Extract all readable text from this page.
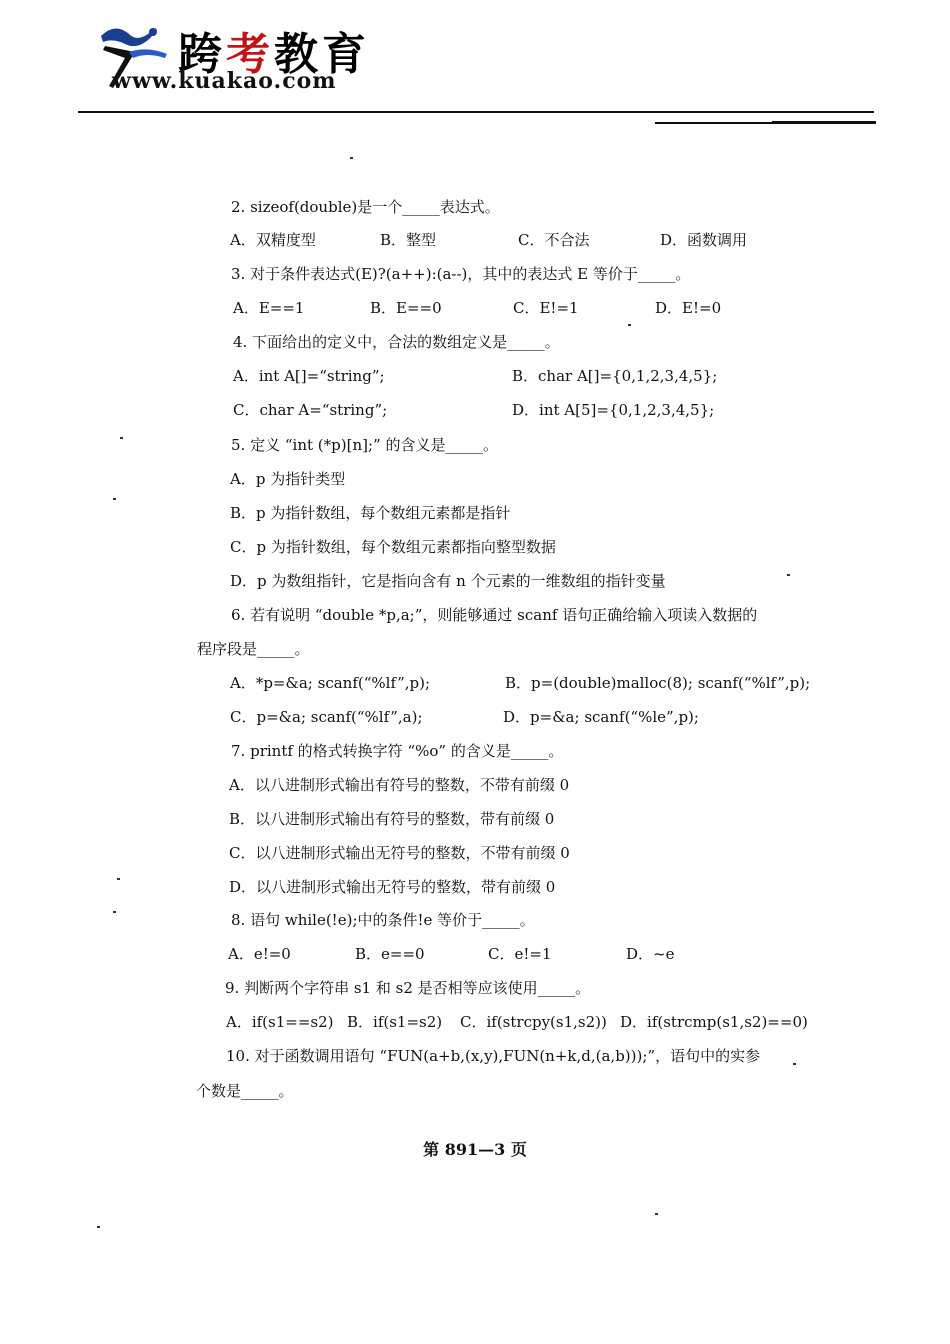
跨考教育
www.kuakao.com
2. sizeof(double)是一个_____表达式。
A．双精度型	B．整型	C．不合法	D．函数调用
3. 对于条件表达式(E)?(a++):(a--)，其中的表达式 E 等价于_____。
A．E==1	B．E==0	C．E!=1	D．E!=0
4. 下面给出的定义中，合法的数组定义是_____。
A．int A[]=“string”;	B．char A[]={0,1,2,3,4,5};
C．char A=“string”;	D．int A[5]={0,1,2,3,4,5};
5. 定义 “int (*p)[n];” 的含义是_____。
A．p 为指针类型
B．p 为指针数组，每个数组元素都是指针
C．p 为指针数组，每个数组元素都指向整型数据
D．p 为数组指针，它是指向含有 n 个元素的一维数组的指针变量
6. 若有说明 “double *p,a;”，则能够通过 scanf 语句正确给输入项读入数据的
程序段是_____。
A．*p=&a; scanf(“%lf”,p);	B．p=(double)malloc(8); scanf(“%lf”,p);
C．p=&a; scanf(“%lf”,a);	D．p=&a; scanf(“%le”,p);
7. printf 的格式转换字符 “%o” 的含义是_____。
A．以八进制形式输出有符号的整数，不带有前缀 0
B．以八进制形式输出有符号的整数，带有前缀 0
C．以八进制形式输出无符号的整数，不带有前缀 0
D．以八进制形式输出无符号的整数，带有前缀 0
8. 语句 while(!e);中的条件!e 等价于_____。
A．e!=0	B．e==0	C．e!=1	D．~e
9. 判断两个字符串 s1 和 s2 是否相等应该使用_____。
A．if(s1==s2) B．if(s1=s2) C．if(strcpy(s1,s2)) D．if(strcmp(s1,s2)==0)
10. 对于函数调用语句 “FUN(a+b,(x,y),FUN(n+k,d,(a,b)));”，语句中的实参
个数是_____。
第 891—3 页
